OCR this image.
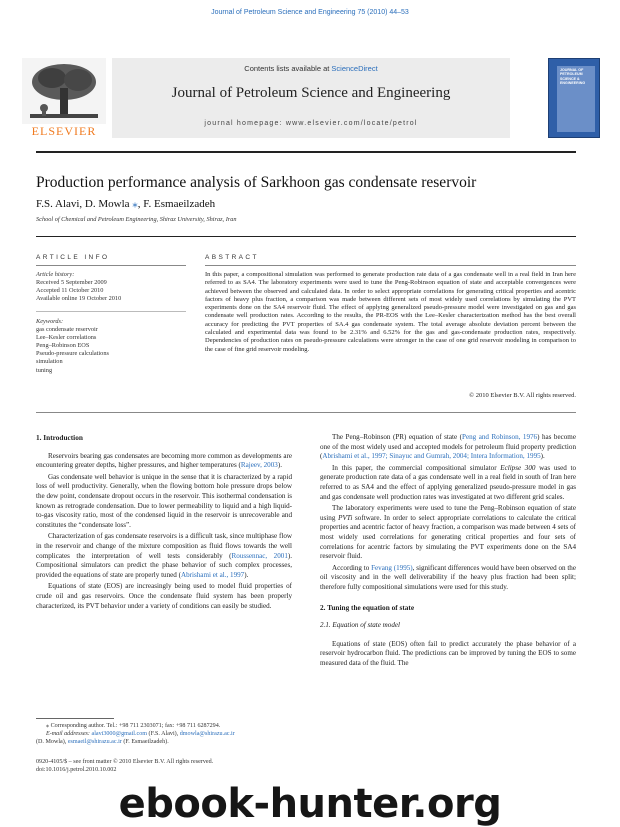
Journal of Petroleum Science and Engineering 75 (2010) 44–53
ELSEVIER
Contents lists available at ScienceDirect
Journal of Petroleum Science and Engineering
journal homepage: www.elsevier.com/locate/petrol
JOURNAL OF PETROLEUM SCIENCE & ENGINEERING
Production performance analysis of Sarkhoon gas condensate reservoir
F.S. Alavi, D. Mowla ⁎, F. Esmaeilzadeh
School of Chemical and Petroleum Engineering, Shiraz University, Shiraz, Iran
ARTICLE INFO	ABSTRACT
Article history:
Received 5 September 2009
Accepted 11 October 2010
Available online 19 October 2010
Keywords:
gas condensate reservoir
Lee–Kesler correlations
Peng–Robinson EOS
Pseudo-pressure calculations
simulation
tuning
In this paper, a compositional simulation was performed to generate production rate data of a gas condensate well in a real field in Iran here referred to as SA4. The laboratory experiments were used to tune the Peng-Robinson equation of state and acceptable convergences were achieved between the observed and calculated data. In order to select appropriate correlations for generating critical properties and acentric factors of heavy plus fraction, a comparison was made between different sets of most widely used correlations by simulating the PVT experiments done on the SA4 reservoir fluid. The effect of applying generalized pseudo-pressure model were investigated on gas and gas condensate well production rates. According to the results, the PR-EOS with the Lee–Kesler characterization method has the best overall accuracy for predicting the PVT properties of SA.4 gas condensate system. The total average absolute deviation percent between the calculated and experimental data was found to be 2.31% and 6.52% for the gas and gas-condensate production rates, respectively. Dependencies of production rates on pseudo-pressure calculations were stronger in the case of one grid reservoir modeling in comparison to the case of fine grid reservoir modeling.
© 2010 Elsevier B.V. All rights reserved.
1. Introduction

Reservoirs bearing gas condensates are becoming more common as developments are encountering greater depths, higher pressures, and higher temperatures (Rajeev, 2003).

Gas condensate well behavior is unique in the sense that it is characterized by a rapid loss of well productivity. Generally, when the flowing bottom hole pressure drops below the dew point, condensate dropout occurs in the reservoir. This isothermal condensation is known as retrograde condensation. Due to lower permeability to liquid and a high liquid-to-gas viscosity ratio, most of the condensed liquid in the reservoir is unrecoverable and constitutes the “condensate loss”.

Characterization of gas condensate reservoirs is a difficult task, since multiphase flow in the reservoir and change of the mixture composition as fluid flows towards the well complicates the interpretation of well tests considerably (Roussennac, 2001). Compositional simulators can predict the phase behavior of such complex processes, provided the equations of state are properly tuned (Abrishami et al., 1997).

Equations of state (EOS) are increasingly being used to model fluid properties of crude oil and gas reservoirs. Once the condensate fluid system has been properly characterized, its PVT behavior under a variety of conditions can easily be studied.

The Peng–Robinson (PR) equation of state (Peng and Robinson, 1976) has become one of the most widely used and accepted models for petroleum fluid property prediction (Abrishami et al., 1997; Sinayuc and Gumrah, 2004; Intera Information, 1995).

In this paper, the commercial compositional simulator Eclipse 300 was used to generate production rate data of a gas condensate well in a real field in south of Iran here referred to as SA4 and the effect of applying generalized pseudo-pressure model in gas and gas condensate well production rates was investigated at two different grid scales.

The laboratory experiments were used to tune the Peng–Robinson equation of state using PVTi software. In order to select appropriate correlations to calculate the critical properties and acentric factor of heavy fraction, a comparison was made between 4 sets of most widely used correlations for generating critical properties and four sets of correlations for acentric factors by simulating the PVT experiments done on the SA4 reservoir fluid.

According to Fevang (1995), significant differences would have been observed on the oil viscosity and in the well deliverability if the heavy plus fraction had been split; therefore fully compositional simulations were used for this study.

2. Tuning the equation of state
2.1. Equation of state model

Equations of state (EOS) often fail to predict accurately the phase behavior of a reservoir hydrocarbon fluid. The predictions can be improved by tuning the EOS to some measured data of the fluid. The

⁎ Corresponding author. Tel.: +98 711 2303071; fax: +98 711 6287294.
E-mail addresses: alavi3000@gmail.com (F.S. Alavi), dmowla@shirazu.ac.ir
(D. Mowla), esmaeil@shirazu.ac.ir (F. Esmaeilzadeh).
0920-4105/$ – see front matter © 2010 Elsevier B.V. All rights reserved.
doi:10.1016/j.petrol.2010.10.002
ebook-hunter.org
